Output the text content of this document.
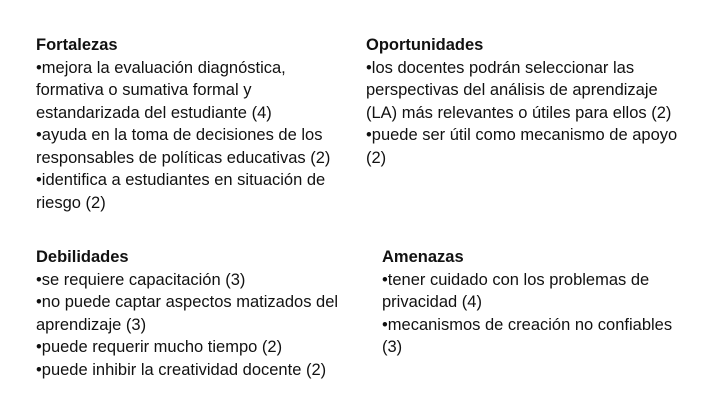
Fortalezas
•mejora la evaluación diagnóstica, formativa o sumativa formal y estandarizada del estudiante (4)
•ayuda en la toma de decisiones de los responsables de políticas educativas (2)
•identifica a estudiantes en situación de riesgo (2)
Oportunidades
•los docentes podrán seleccionar las perspectivas del análisis de aprendizaje (LA) más relevantes o útiles para ellos (2)
•puede ser útil como mecanismo de apoyo (2)
Debilidades
•se requiere capacitación (3)
•no puede captar aspectos matizados del aprendizaje (3)
•puede requerir mucho tiempo (2)
•puede inhibir la creatividad docente (2)
Amenazas
•tener cuidado con los problemas de privacidad (4)
•mecanismos de creación no confiables (3)
